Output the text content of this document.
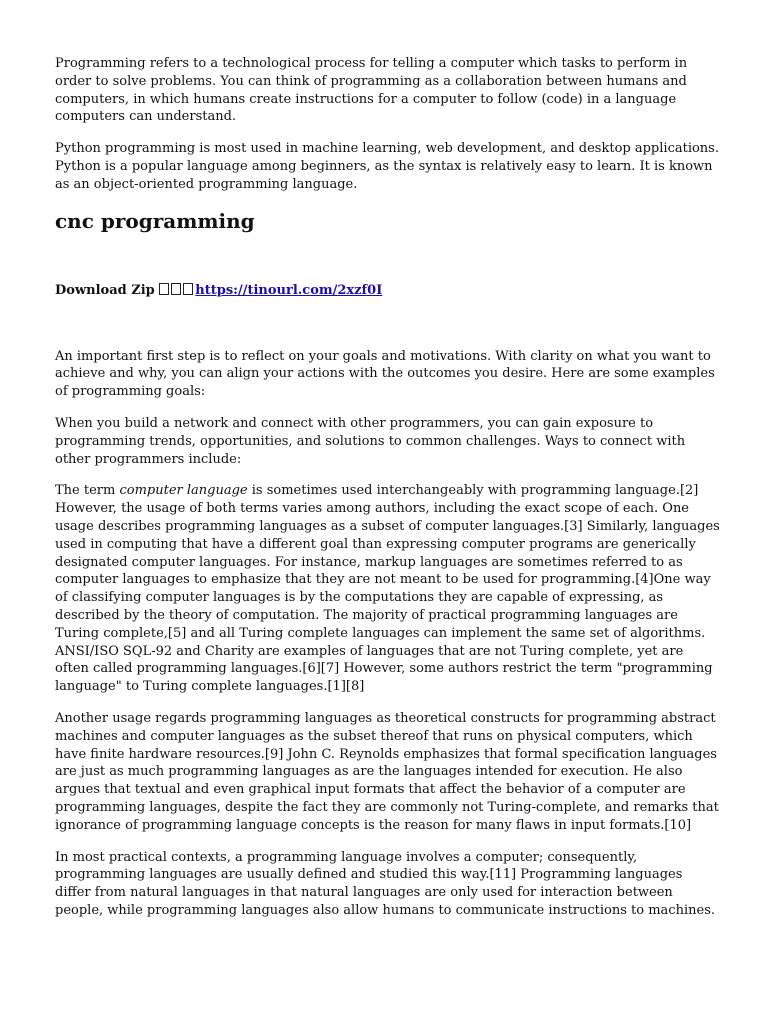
Programming refers to a technological process for telling a computer which tasks to perform in order to solve problems. You can think of programming as a collaboration between humans and computers, in which humans create instructions for a computer to follow (code) in a language computers can understand.

Python programming is most used in machine learning, web development, and desktop applications. Python is a popular language among beginners, as the syntax is relatively easy to learn. It is known as an object-oriented programming language.

cnc programming
Download Zip	https://tinourl.com/2xzf0I

An important first step is to reflect on your goals and motivations. With clarity on what you want to achieve and why, you can align your actions with the outcomes you desire. Here are some examples of programming goals:

When you build a network and connect with other programmers, you can gain exposure to programming trends, opportunities, and solutions to common challenges. Ways to connect with other programmers include:

The term computer language is sometimes used interchangeably with programming language.[2] However, the usage of both terms varies among authors, including the exact scope of each. One usage describes programming languages as a subset of computer languages.[3] Similarly, languages used in computing that have a different goal than expressing computer programs are generically designated computer languages. For instance, markup languages are sometimes referred to as computer languages to emphasize that they are not meant to be used for programming.[4]One way of classifying computer languages is by the computations they are capable of expressing, as described by the theory of computation. The majority of practical programming languages are Turing complete,[5] and all Turing complete languages can implement the same set of algorithms. ANSI/ISO SQL-92 and Charity are examples of languages that are not Turing complete, yet are often called programming languages.[6][7] However, some authors restrict the term "programming language" to Turing complete languages.[1][8]

Another usage regards programming languages as theoretical constructs for programming abstract machines and computer languages as the subset thereof that runs on physical computers, which have finite hardware resources.[9] John C. Reynolds emphasizes that formal specification languages are just as much programming languages as are the languages intended for execution. He also argues that textual and even graphical input formats that affect the behavior of a computer are programming languages, despite the fact they are commonly not Turing-complete, and remarks that ignorance of programming language concepts is the reason for many flaws in input formats.[10]

In most practical contexts, a programming language involves a computer; consequently, programming languages are usually defined and studied this way.[11] Programming languages differ from natural languages in that natural languages are only used for interaction between people, while programming languages also allow humans to communicate instructions to machines.
